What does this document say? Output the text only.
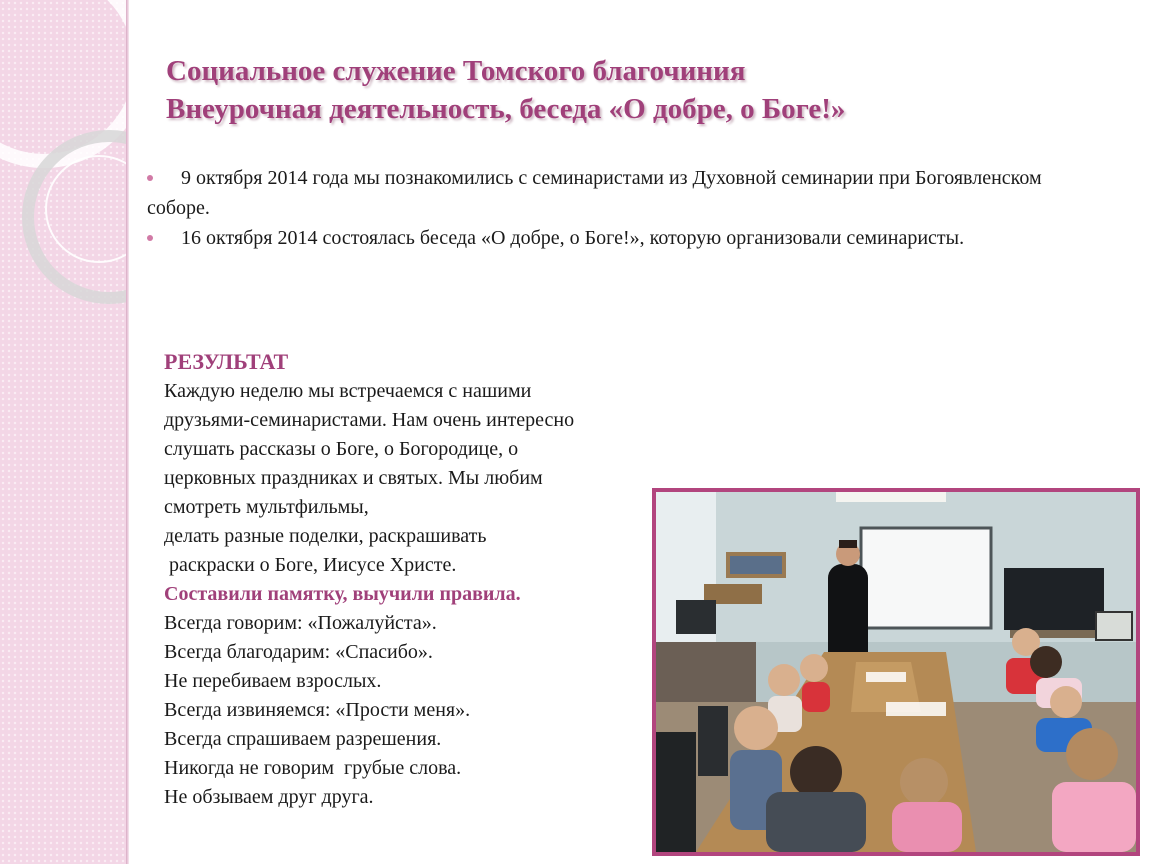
Социальное служение Томского благочиния
Внеурочная деятельность, беседа «О добре, о Боге!»
9 октября 2014 года мы познакомились с семинаристами из Духовной семинарии при Богоявленском соборе.
16 октября 2014 состоялась беседа «О добре, о Боге!», которую организовали семинаристы.
РЕЗУЛЬТАТ
Каждую неделю мы встречаемся с нашими
друзьями-семинаристами. Нам очень интересно
слушать рассказы о Боге, о Богородице, о
церковных праздниках и святых. Мы любим
смотреть мультфильмы,
делать разные поделки, раскрашивать
раскраски о Боге, Иисусе Христе.
Составили памятку, выучили правила.
Всегда говорим: «Пожалуйста».
Всегда благодарим: «Спасибо».
Не перебиваем взрослых.
Всегда извиняемся: «Прости меня».
Всегда спрашиваем разрешения.
Никогда не говорим  грубые слова.
Не обзываем друг друга.
